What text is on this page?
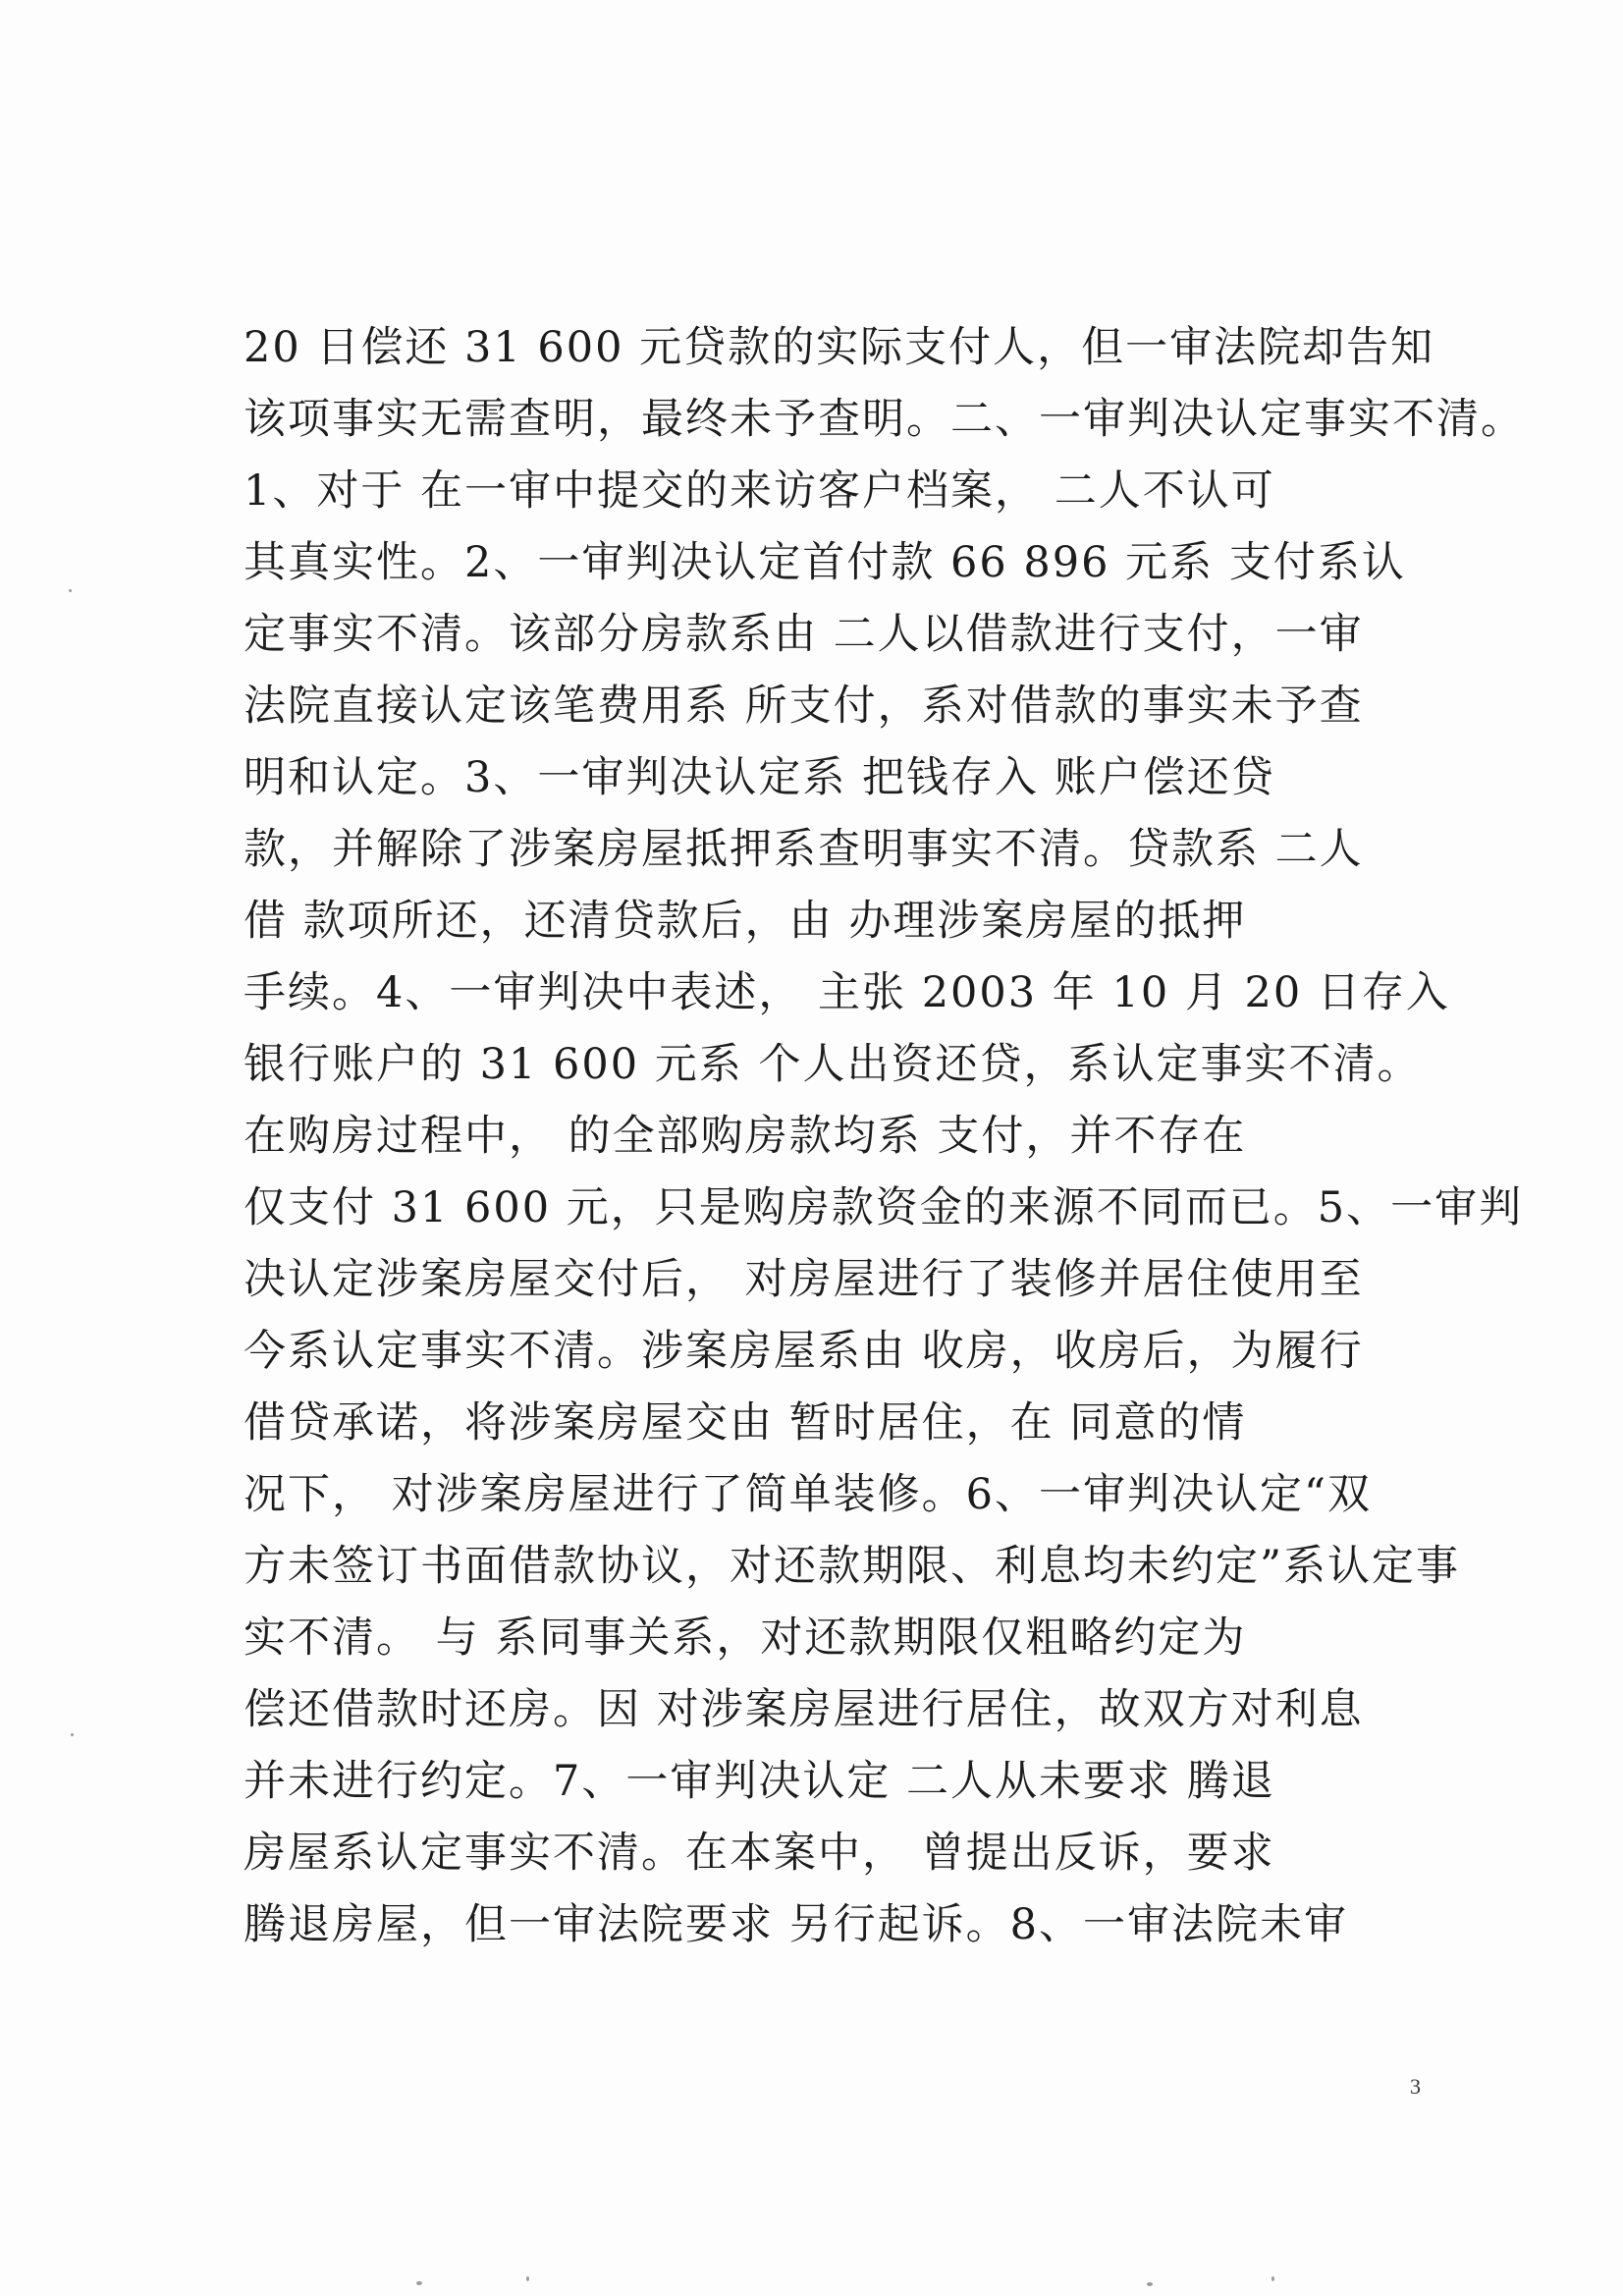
20 日偿还 31 600 元贷款的实际支付人，但一审法院却告知
该项事实无需查明，最终未予查明。二、一审判决认定事实不清。
1、对于 在一审中提交的来访客户档案， 二人不认可
其真实性。2、一审判决认定首付款 66 896 元系 支付系认
定事实不清。该部分房款系由 二人以借款进行支付，一审
法院直接认定该笔费用系 所支付，系对借款的事实未予查
明和认定。3、一审判决认定系 把钱存入 账户偿还贷
款，并解除了涉案房屋抵押系查明事实不清。贷款系 二人
借 款项所还，还清贷款后，由 办理涉案房屋的抵押
手续。4、一审判决中表述， 主张 2003 年 10 月 20 日存入
银行账户的 31 600 元系 个人出资还贷，系认定事实不清。
在购房过程中， 的全部购房款均系 支付，并不存在
仅支付 31 600 元，只是购房款资金的来源不同而已。5、一审判
决认定涉案房屋交付后， 对房屋进行了装修并居住使用至
今系认定事实不清。涉案房屋系由 收房，收房后，为履行
借贷承诺，将涉案房屋交由 暂时居住，在 同意的情
况下， 对涉案房屋进行了简单装修。6、一审判决认定“双
方未签订书面借款协议，对还款期限、利息均未约定”系认定事
实不清。 与 系同事关系，对还款期限仅粗略约定为
偿还借款时还房。因 对涉案房屋进行居住，故双方对利息
并未进行约定。7、一审判决认定 二人从未要求 腾退
房屋系认定事实不清。在本案中， 曾提出反诉，要求
腾退房屋，但一审法院要求 另行起诉。8、一审法院未审
3
